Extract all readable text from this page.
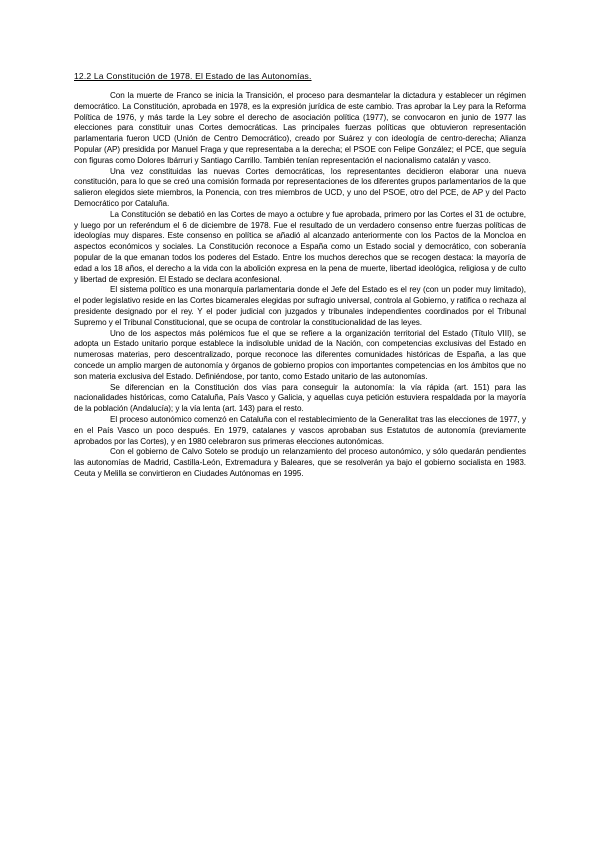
12.2 La Constitución de 1978. El Estado de las Autonomías.

Con la muerte de Franco se inicia la Transición, el proceso para desmantelar la dictadura y establecer un régimen democrático. La Constitución, aprobada en 1978, es la expresión jurídica de este cambio. Tras aprobar la Ley para la Reforma Política de 1976, y más tarde la Ley sobre el derecho de asociación política (1977), se convocaron en junio de 1977 las elecciones para constituir unas Cortes democráticas. Las principales fuerzas políticas que obtuvieron representación parlamentaria fueron UCD (Unión de Centro Democrático), creado por Suárez y con ideología de centro-derecha; Alianza Popular (AP) presidida por Manuel Fraga y que representaba a la derecha; el PSOE con Felipe González; el PCE, que seguía con figuras como Dolores Ibárruri y Santiago Carrillo. También tenían representación el nacionalismo catalán y vasco.

Una vez constituidas las nuevas Cortes democráticas, los representantes decidieron elaborar una nueva constitución, para lo que se creó una comisión formada por representaciones de los diferentes grupos parlamentarios de la que salieron elegidos siete miembros, la Ponencia, con tres miembros de UCD, y uno del PSOE, otro del PCE, de AP y del Pacto Democrático por Cataluña.

La Constitución se debatió en las Cortes de mayo a octubre y fue aprobada, primero por las Cortes el 31 de octubre, y luego por un referéndum el 6 de diciembre de 1978. Fue el resultado de un verdadero consenso entre fuerzas políticas de ideologías muy dispares. Este consenso en política se añadió al alcanzado anteriormente con los Pactos de la Moncloa en aspectos económicos y sociales. La Constitución reconoce a España como un Estado social y democrático, con soberanía popular de la que emanan todos los poderes del Estado. Entre los muchos derechos que se recogen destaca: la mayoría de edad a los 18 años, el derecho a la vida con la abolición expresa en la pena de muerte, libertad ideológica, religiosa y de culto y libertad de expresión. El Estado se declara aconfesional.

El sistema político es una monarquía parlamentaria donde el Jefe del Estado es el rey (con un poder muy limitado), el poder legislativo reside en las Cortes bicamerales elegidas por sufragio universal, controla al Gobierno, y ratifica o rechaza al presidente designado por el rey. Y el poder judicial con juzgados y tribunales independientes coordinados por el Tribunal Supremo y el Tribunal Constitucional, que se ocupa de controlar la constitucionalidad de las leyes.

Uno de los aspectos más polémicos fue el que se refiere a la organización territorial del Estado (Título VIII), se adopta un Estado unitario porque establece la indisoluble unidad de la Nación, con competencias exclusivas del Estado en numerosas materias, pero descentralizado, porque reconoce las diferentes comunidades históricas de España, a las que concede un amplio margen de autonomía y órganos de gobierno propios con importantes competencias en los ámbitos que no son materia exclusiva del Estado. Definiéndose, por tanto, como Estado unitario de las autonomías.

Se diferencian en la Constitución dos vías para conseguir la autonomía: la vía rápida (art. 151) para las nacionalidades históricas, como Cataluña, País Vasco y Galicia, y aquellas cuya petición estuviera respaldada por la mayoría de la población (Andalucía); y la vía lenta (art. 143) para el resto.

El proceso autonómico comenzó en Cataluña con el restablecimiento de la Generalitat tras las elecciones de 1977, y en el País Vasco un poco después. En 1979, catalanes y vascos aprobaban sus Estatutos de autonomía (previamente aprobados por las Cortes), y en 1980 celebraron sus primeras elecciones autonómicas.

Con el gobierno de Calvo Sotelo se produjo un relanzamiento del proceso autonómico, y sólo quedarán pendientes las autonomías de Madrid, Castilla-León, Extremadura y Baleares, que se resolverán ya bajo el gobierno socialista en 1983. Ceuta y Melilla se convirtieron en Ciudades Autónomas en 1995.
